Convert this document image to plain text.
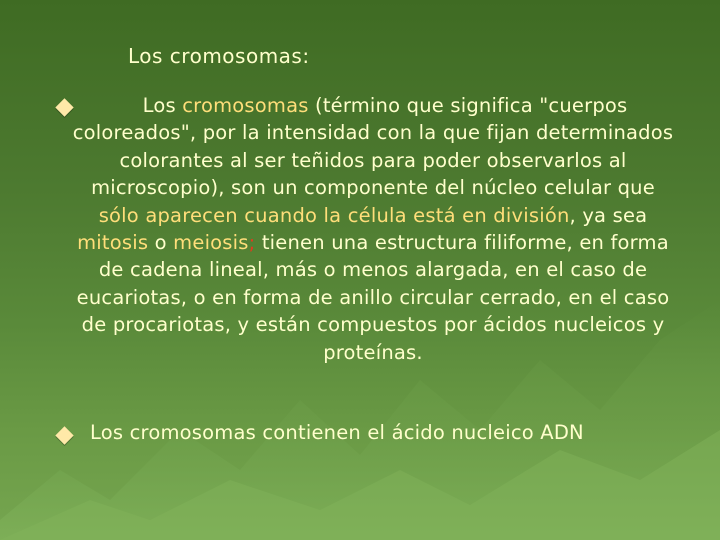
Los cromosomas:
Los cromosomas (término que significa "cuerpos coloreados", por la intensidad con la que fijan determinados colorantes al ser teñidos para poder observarlos al microscopio), son un componente del núcleo celular que sólo aparecen cuando la célula está en división, ya sea mitosis o meiosis; tienen una estructura filiforme, en forma de cadena lineal, más o menos alargada, en el caso de eucariotas, o en forma de anillo circular cerrado, en el caso de procariotas, y están compuestos por ácidos nucleicos y proteínas.
Los cromosomas contienen el ácido nucleico ADN
